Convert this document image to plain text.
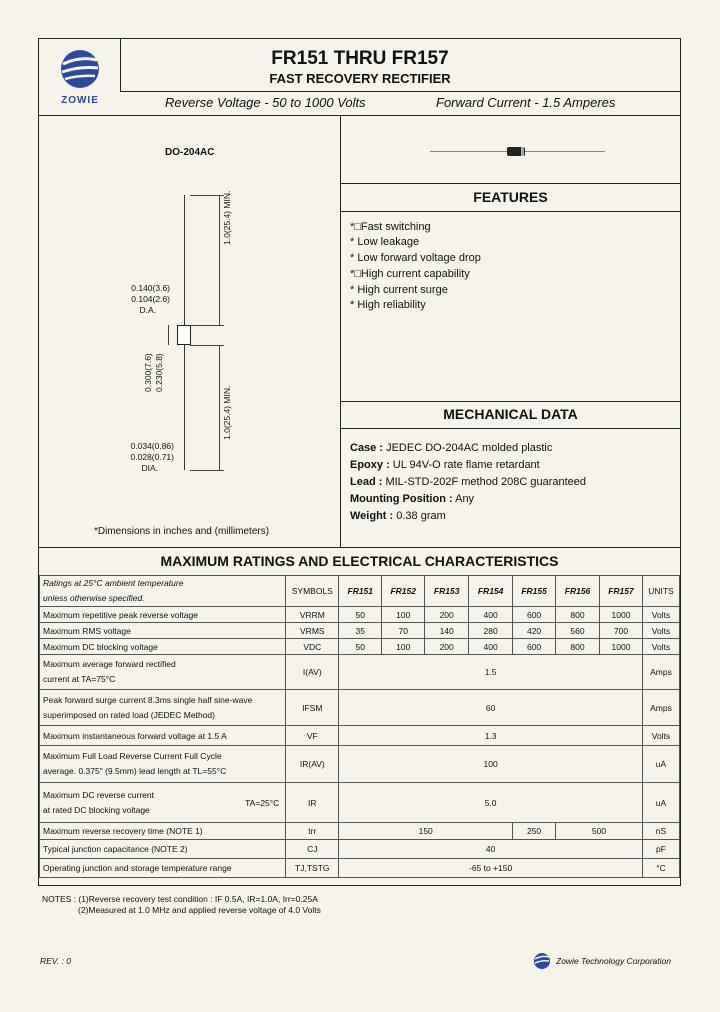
ZOWIE
FR151 THRU FR157
FAST RECOVERY RECTIFIER
Reverse Voltage - 50 to 1000 Volts	Forward Current - 1.5 Amperes
DO-204AC
1.0(25.4) MIN.
0.140(3.6)
0.104(2.6)
D.A.
0.300(7.6) 0.230(5.8)
1.0(25.4) MIN.
0.034(0.86)
0.028(0.71)
DIA.
*Dimensions in inches and (millimeters)
FEATURES
*□Fast switching
* Low leakage
* Low forward voltage drop
*□High current capability
* High current surge
* High reliability
MECHANICAL DATA
Case : JEDEC DO-204AC molded plastic
Epoxy : UL 94V-O rate flame retardant
Lead : MIL-STD-202F method 208C guaranteed
Mounting Position : Any
Weight : 0.38 gram
MAXIMUM RATINGS AND ELECTRICAL CHARACTERISTICS
Ratings at 25°C ambient temperature
unless otherwise specified.	SYMBOLS	FR151	FR152	FR153	FR154	FR155	FR156	FR157	UNITS
Maximum repetitive peak reverse voltage	VRRM	50	100	200	400	600	800	1000	Volts
Maximum RMS voltage	VRMS	35	70	140	280	420	560	700	Volts
Maximum DC blocking voltage	VDC	50	100	200	400	600	800	1000	Volts

Maximum average forward rectified
current at TA=75°C	I(AV)	1.5							Amps

Peak forward surge current 8.3ms single half sine-wave
superimposed on rated load (JEDEC Method)	IFSM	60							Amps
Maximum instantaneous forward voltage at 1.5 A	VF	1.3							Volts

Maximum Full Load Reverse Current Full Cycle
average. 0.375" (9.5mm) lead length at TL=55°C	IR(AV)	100							uA

Maximum DC reverse current
at rated DC blocking voltage
TA=25°C	IR	5.0							uA
Maximum reverse recovery time (NOTE 1)	trr	150				250	500		nS
Typical junction capacitance (NOTE 2)	CJ	40							pF
Operating junction and storage temperature range	TJ,TSTG	-65 to +150							°C
NOTES : (1)Reverse recovery test condition : IF 0.5A, IR=1.0A, Irr=0.25A
(2)Measured at 1.0 MHz and applied reverse voltage of 4.0 Volts
REV. : 0	Zowie Technology Corporation
